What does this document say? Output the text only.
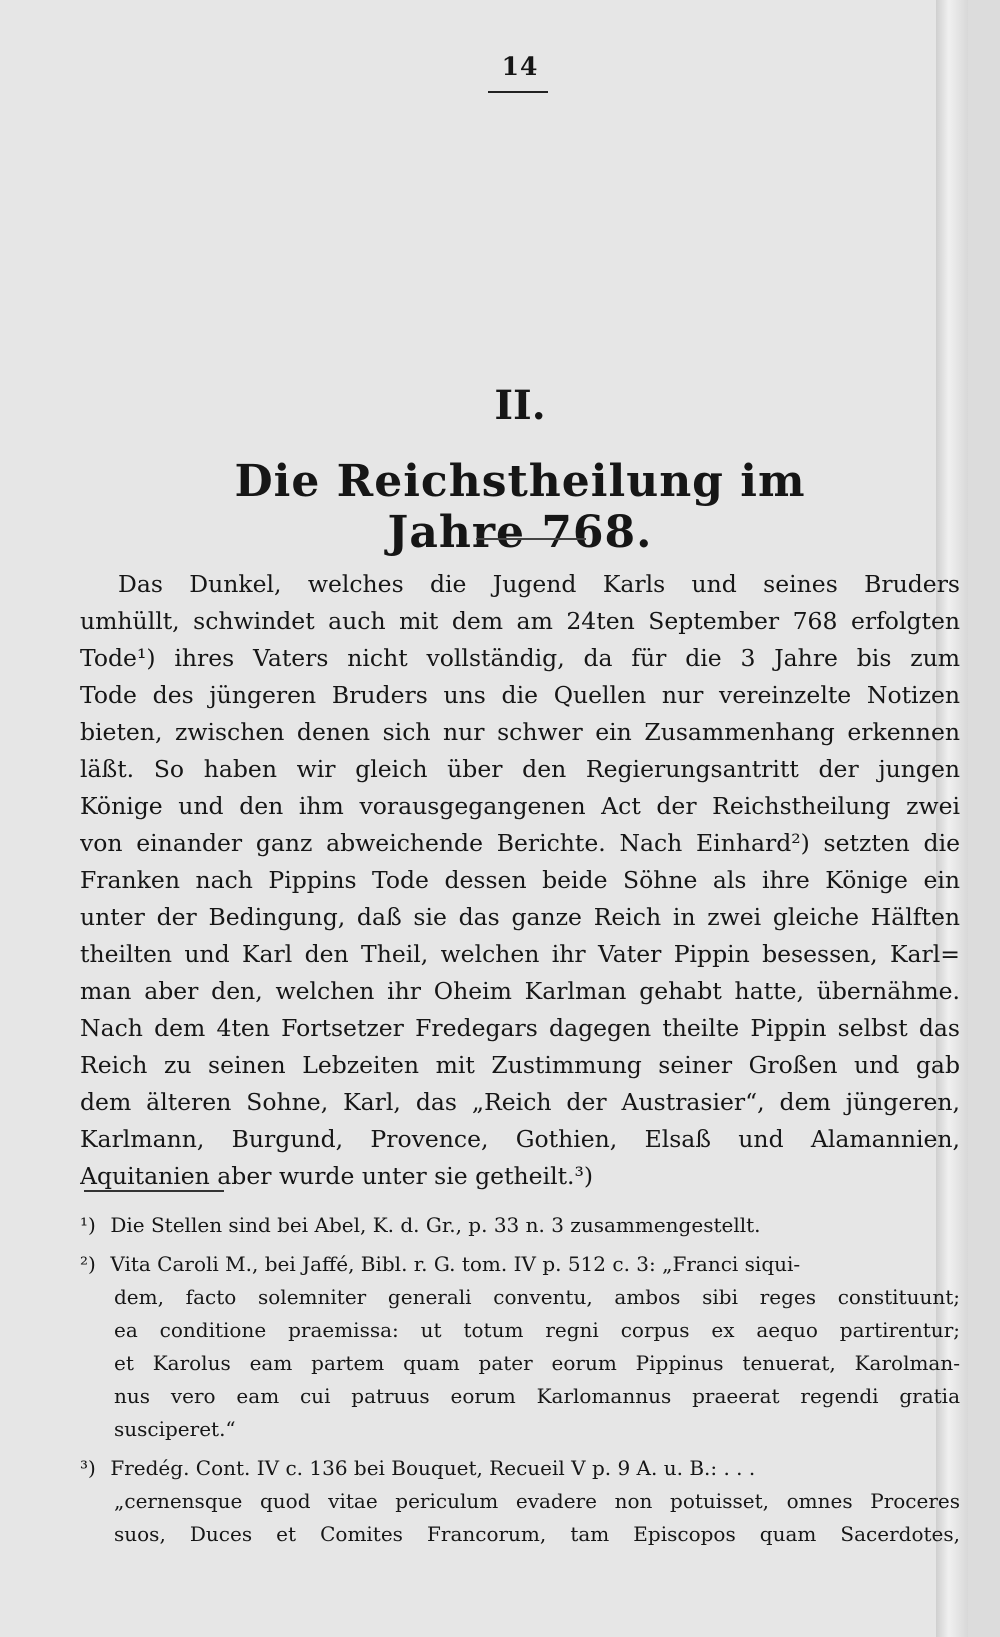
14
II.
Die Reichstheilung im Jahre 768.
Das Dunkel, welches die Jugend Karls und seines Bruders
umhüllt, schwindet auch mit dem am 24ten September 768 erfolgten
Tode¹) ihres Vaters nicht vollständig, da für die 3 Jahre bis zum
Tode des jüngeren Bruders uns die Quellen nur vereinzelte Notizen
bieten, zwischen denen sich nur schwer ein Zusammenhang erkennen
läßt. So haben wir gleich über den Regierungsantritt der jungen
Könige und den ihm vorausgegangenen Act der Reichstheilung zwei
von einander ganz abweichende Berichte. Nach Einhard²) setzten die
Franken nach Pippins Tode dessen beide Söhne als ihre Könige ein
unter der Bedingung, daß sie das ganze Reich in zwei gleiche Hälften
theilten und Karl den Theil, welchen ihr Vater Pippin besessen, Karl=
man aber den, welchen ihr Oheim Karlman gehabt hatte, übernähme.
Nach dem 4ten Fortsetzer Fredegars dagegen theilte Pippin selbst das
Reich zu seinen Lebzeiten mit Zustimmung seiner Großen und gab
dem älteren Sohne, Karl, das „Reich der Austrasier“, dem jüngeren,
Karlmann, Burgund, Provence, Gothien, Elsaß und Alamannien,
Aquitanien aber wurde unter sie getheilt.³)
¹) Die Stellen sind bei Abel, K. d. Gr., p. 33 n. 3 zusammengestellt.
²) Vita Caroli M., bei Jaffé, Bibl. r. G. tom. IV p. 512 c. 3: „Franci siqui-
dem, facto solemniter generali conventu, ambos sibi reges constituunt;
ea conditione praemissa: ut totum regni corpus ex aequo partirentur;
et Karolus eam partem quam pater eorum Pippinus tenuerat, Karolman-
nus vero eam cui patruus eorum Karlomannus praeerat regendi gratia
susciperet.“
³) Fredég. Cont. IV c. 136 bei Bouquet, Recueil V p. 9 A. u. B.: . . .
„cernensque quod vitae periculum evadere non potuisset, omnes Proceres
suos, Duces et Comites Francorum, tam Episcopos quam Sacerdotes,
